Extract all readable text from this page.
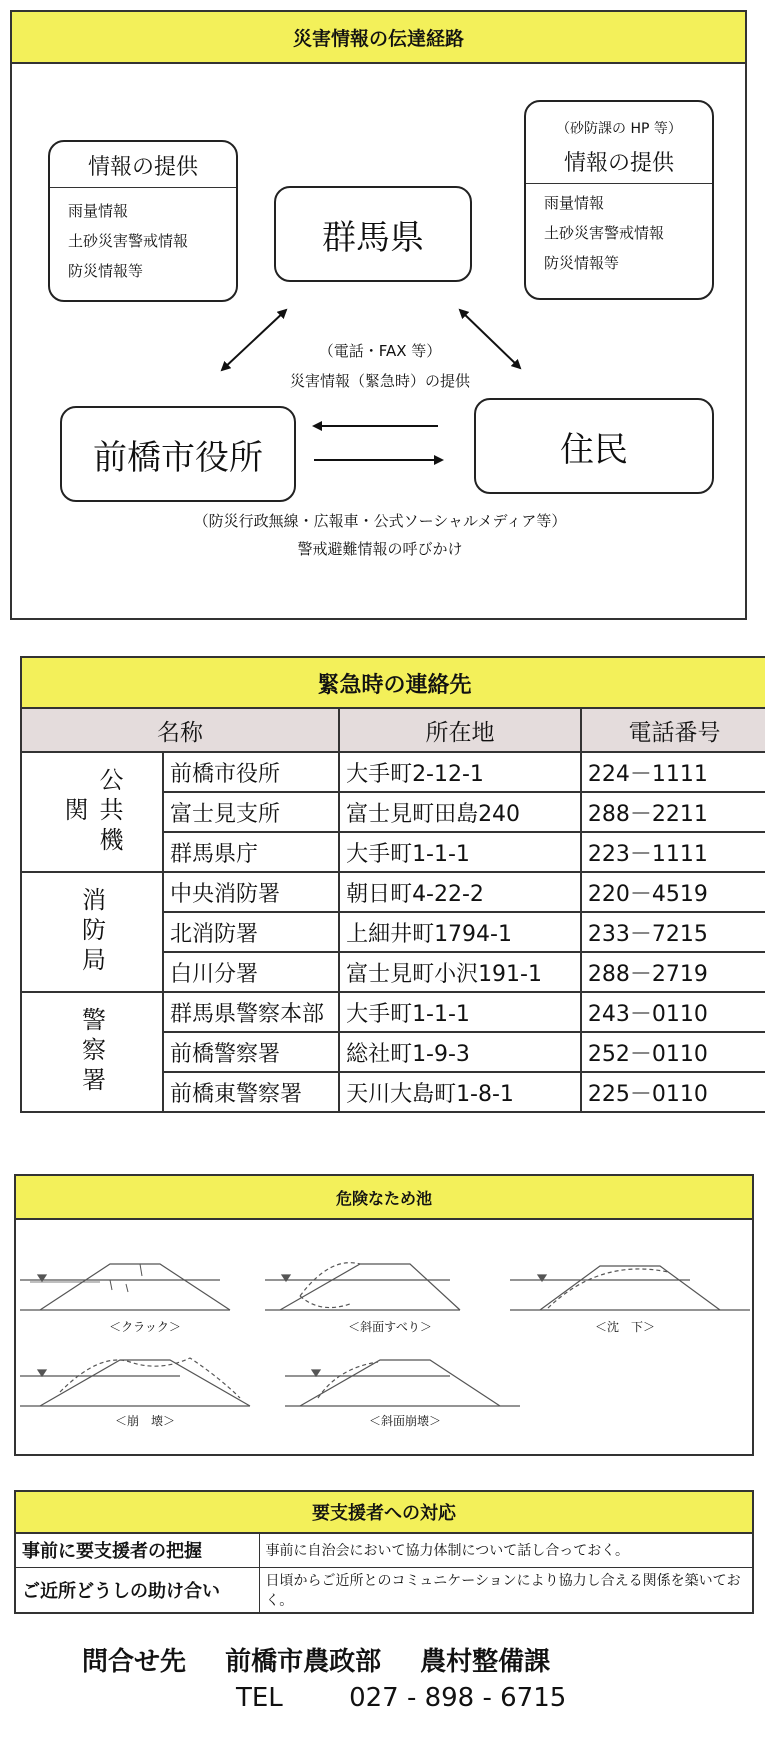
災害情報の伝達経路
情報の提供
雨量情報
土砂災害警戒情報
防災情報等
（砂防課の HP 等）
情報の提供
雨量情報
土砂災害警戒情報
防災情報等
群馬県
前橋市役所	住民
（電話・FAX 等）
災害情報（緊急時）の提供
（防災行政無線・広報車・公式ソーシャルメディア等）
警戒避難情報の呼びかけ
緊急時の連絡先
名称		所在地	電話番号
公共機関	前橋市役所	大手町2-12-1	224－1111
	富士見支所	富士見町田島240	288－2211
	群馬県庁	大手町1-1-1	223－1111
消防局	中央消防署	朝日町4-22-2	220－4519
	北消防署	上細井町1794-1	233－7215
	白川分署	富士見町小沢191-1	288－2719
警察署	群馬県警察本部	大手町1-1-1	243－0110
	前橋警察署	総社町1-9-3	252－0110
	前橋東警察署	天川大島町1-8-1	225－0110
危険なため池
＜クラック＞	＜斜面すべり＞	＜沈　下＞
＜崩　壊＞	＜斜面崩壊＞
要支援者への対応
事前に要支援者の把握	事前に自治会において協力体制について話し合っておく。
ご近所どうしの助け合い	日頃からご近所とのコミュニケーションにより協力し合える関係を築いておく。
問合せ先 前橋市農政部 農村整備課
TEL	027 - 898 - 6715
